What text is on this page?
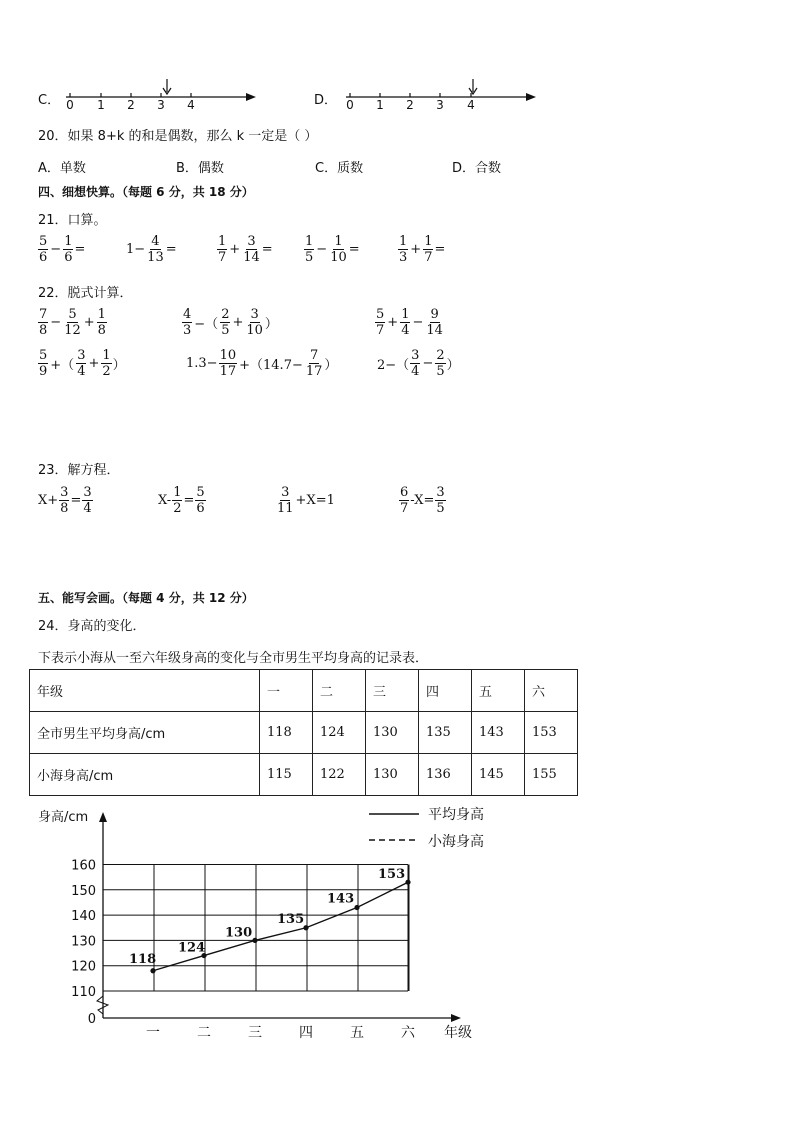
C． 0 1 2 3 4	D． 0 1 2 3 4
20．如果 8+k 的和是偶数，那么 k 一定是（ ）
A．单数	B．偶数	C．质数	D．合数
四、细想快算。（每题 6 分，共 18 分）
21．口算。
$\frac{5}{6} - \frac{1}{6}$ =	$1- \frac{4}{13}$ =	$\frac{1}{7} + \frac{3}{14} = \frac{1}{5} - \frac{1}{10}$ =	$\frac{1}{3} + \frac{1}{7}$ =
22．脱式计算．
$\frac{7}{8} - \frac{5}{12} + \frac{1}{8}$	$\frac{4}{3}$ −（ $\frac{2}{5} + \frac{3}{10}$ ）	$\frac{5}{7} + \frac{1}{4} - \frac{9}{14}$
$\frac{5}{9}$ +（ $\frac{3}{4} + \frac{1}{2}$ ）	$1.3- \frac{10}{17} +(14.7- \frac{7}{17}$ ）	$2-( \frac{3}{4} - \frac{2}{5}$ ）
23．解方程．
$X+ \frac{3}{8} = \frac{3}{4}$	$X- \frac{1}{2} = \frac{5}{6}$	$\frac{3}{11} +X=1$	$\frac{6}{7} -X= \frac{3}{5}$
五、能写会画。（每题 4 分，共 12 分）
24．身高的变化．
下表示小海从一至六年级身高的变化与全市男生平均身高的记录表．
年级	一	二	三	四	五	六
全市男生平均身高/cm	118	124	130	135	143	153
小海身高/cm	115	122	130	136	145	155
身高/cm
年级
平均身高
小海身高
0
110
120
130
140
150
160
一	二	三	四	五	六
118
124
130
135
143
153
